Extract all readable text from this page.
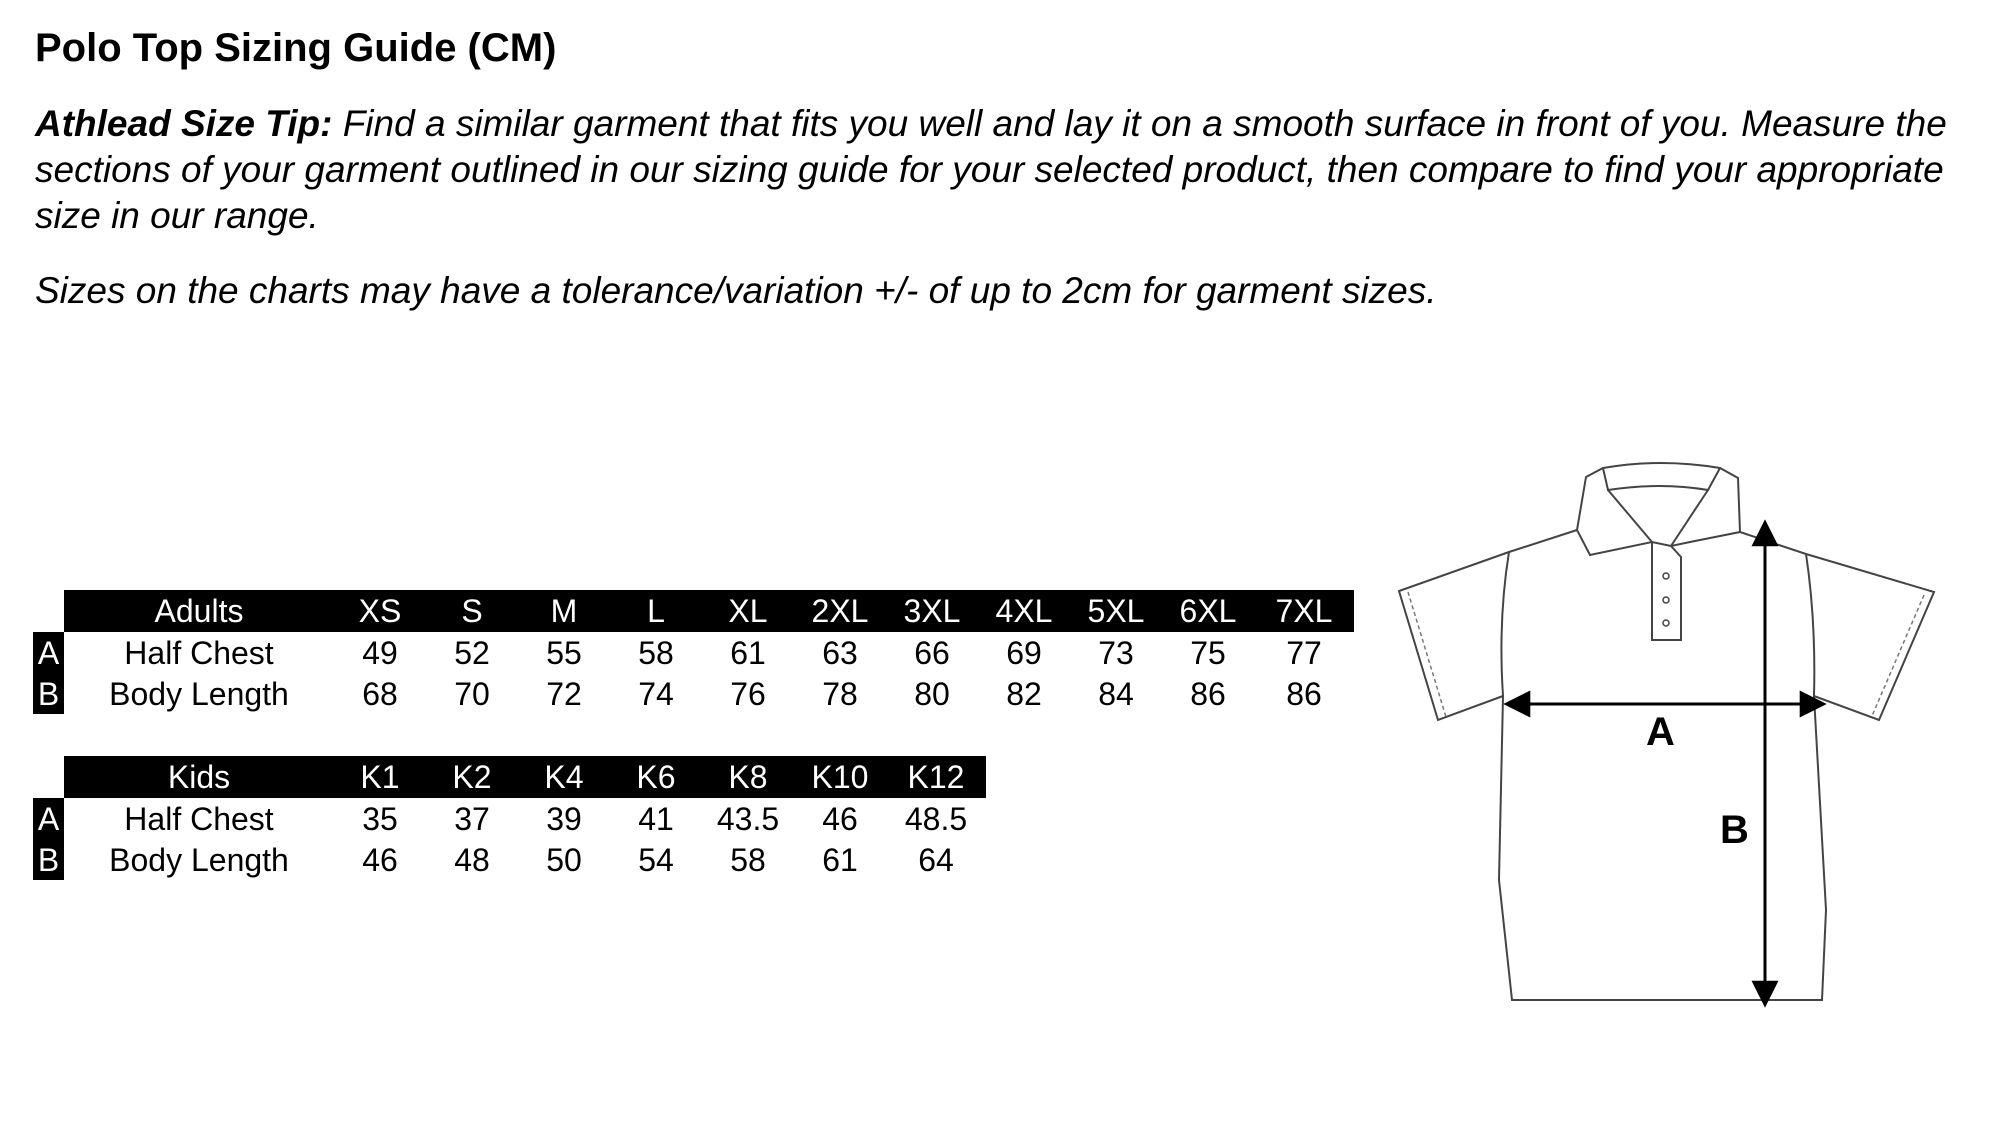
Polo Top Sizing Guide (CM)
Athlead Size Tip: Find a similar garment that fits you well and lay it on a smooth surface in front of you. Measure the sections of your garment outlined in our sizing guide for your selected product, then compare to find your appropriate size in our range.
Sizes on the charts may have a tolerance/variation +/- of up to 2cm for garment sizes.
	Adults	XS	S	M	L	XL	2XL	3XL	4XL	5XL	6XL	7XL
A	Half Chest	49	52	55	58	61	63	66	69	73	75	77
B	Body Length	68	70	72	74	76	78	80	82	84	86	86
	Kids	K1	K2	K4	K6	K8	K10	K12
A	Half Chest	35	37	39	41	43.5	46	48.5
B	Body Length	46	48	50	54	58	61	64
A
B
